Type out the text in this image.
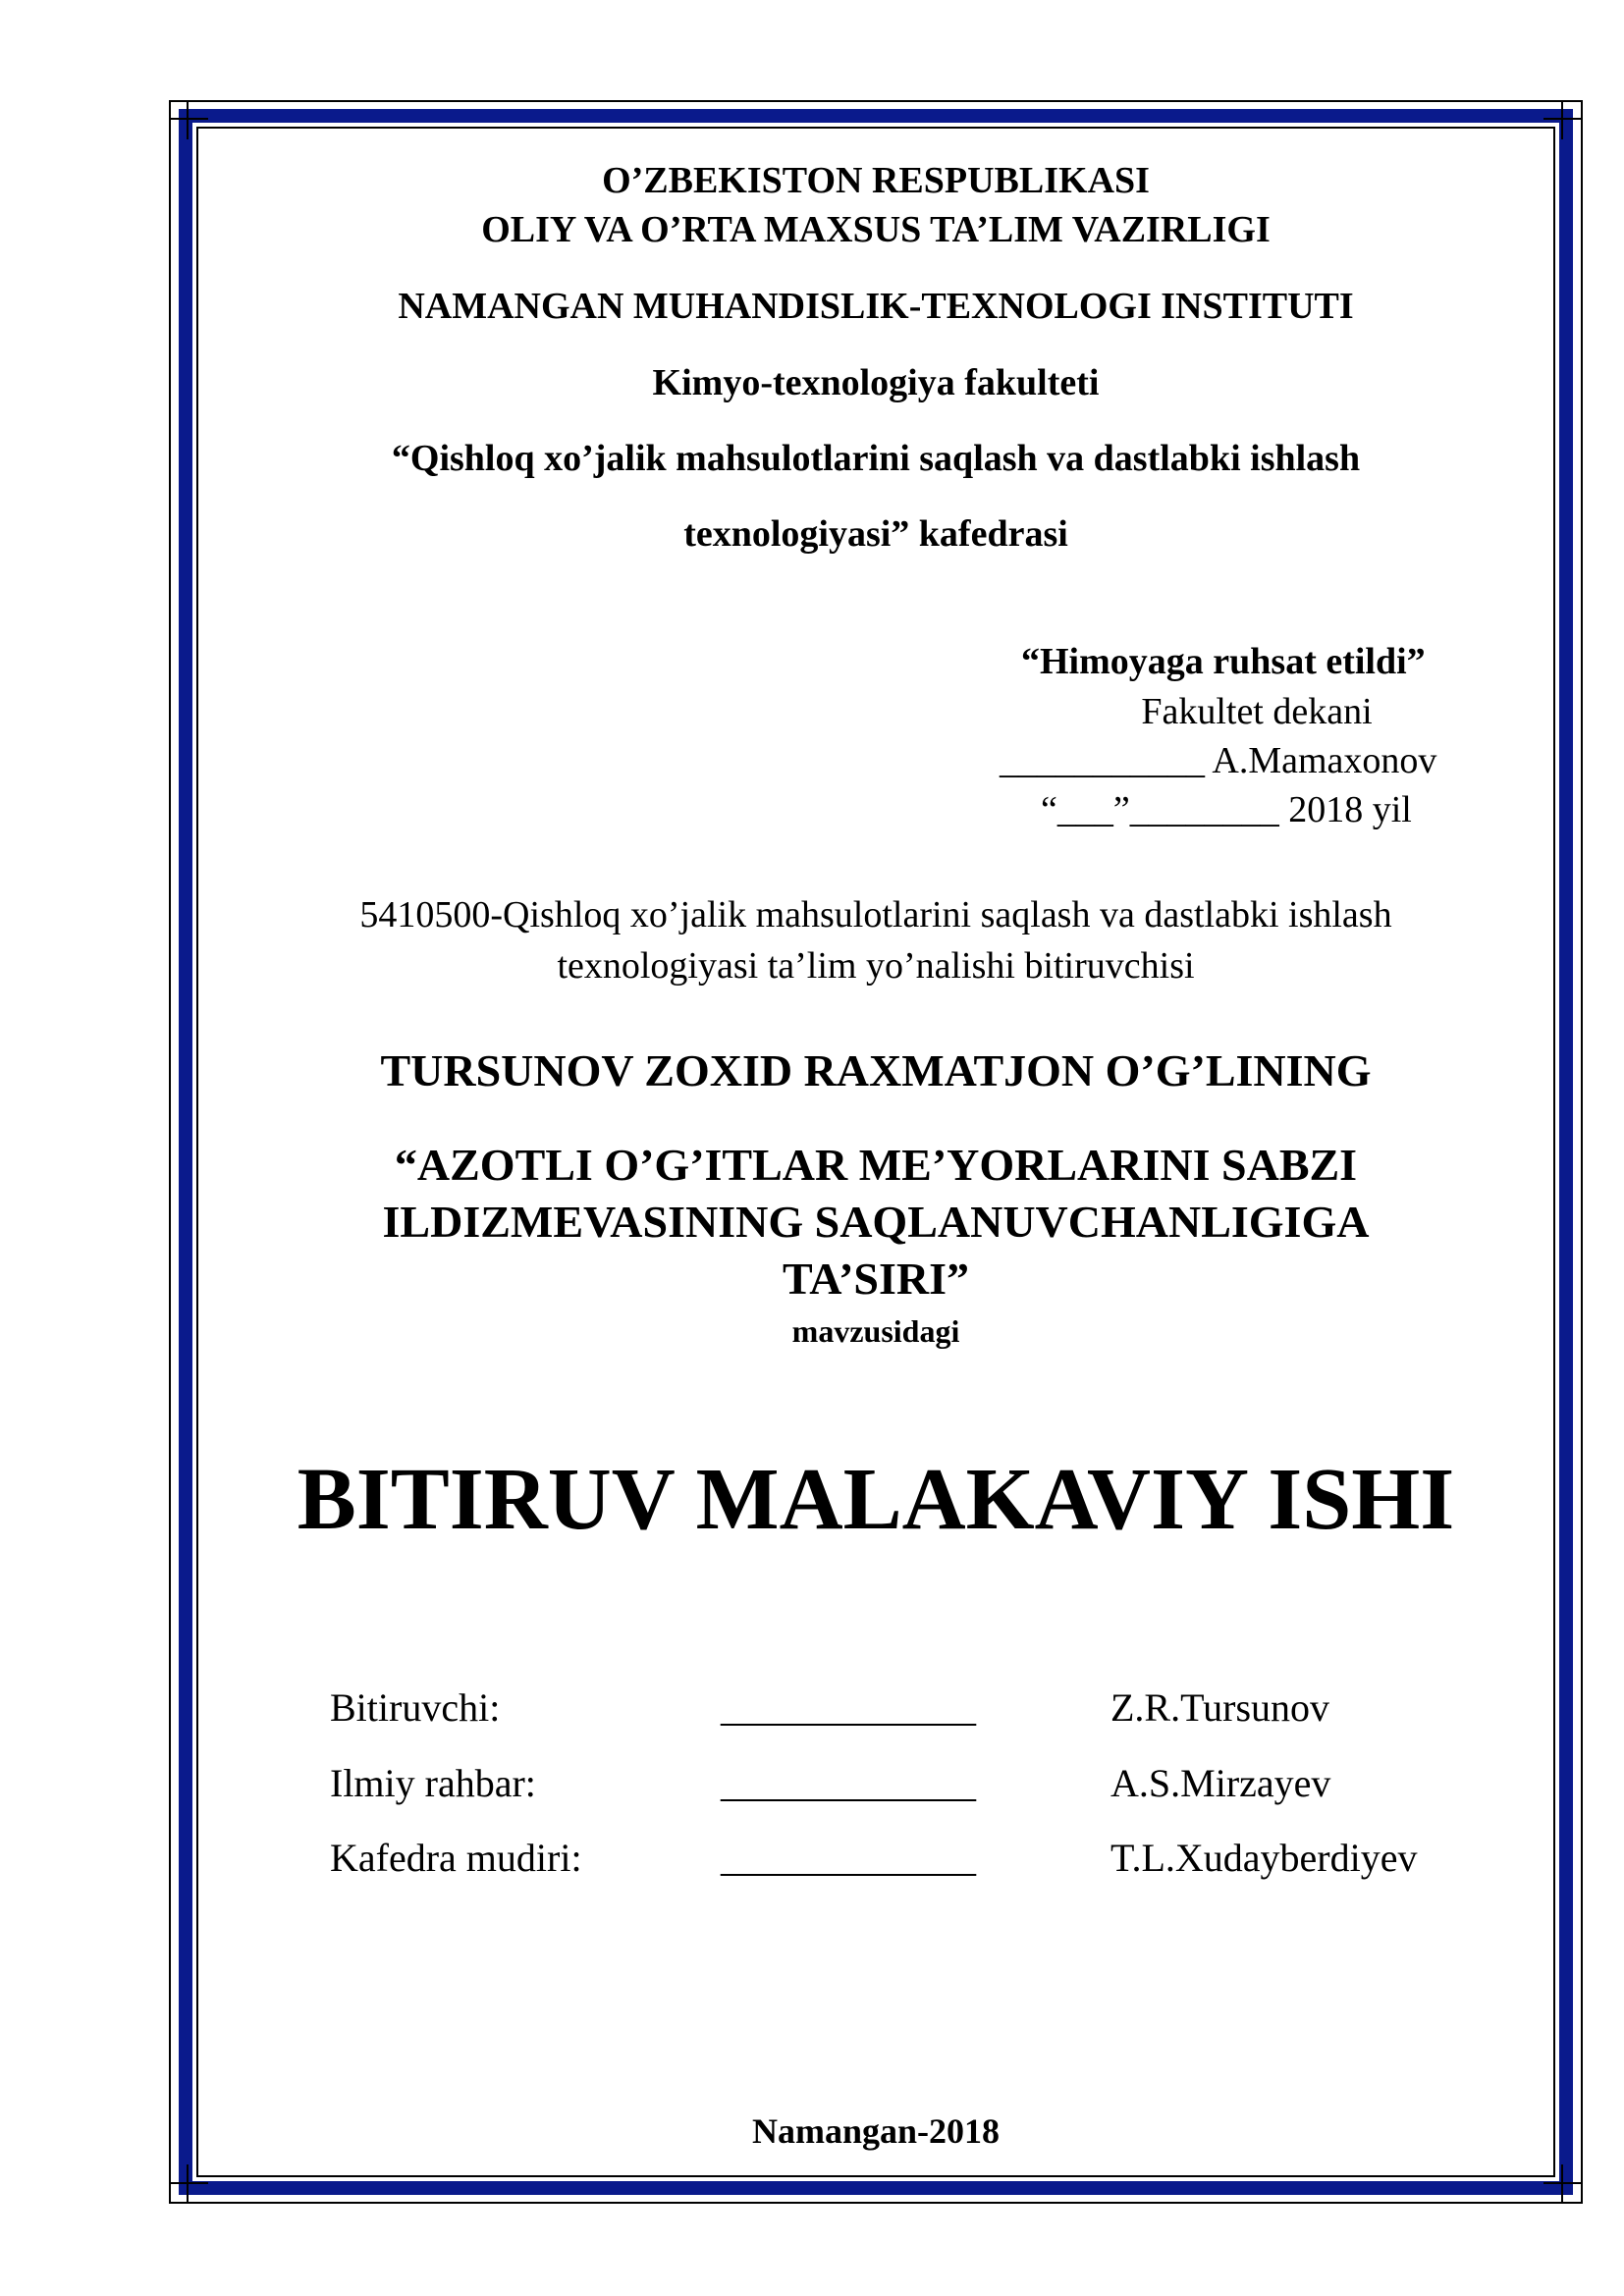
O’ZBEKISTON RESPUBLIKASI
OLIY VA O’RTA MAXSUS TA’LIM VAZIRLIGI
NAMANGAN MUHANDISLIK-TEXNOLOGI INSTITUTI
Kimyo-texnologiya fakulteti
“Qishloq xo’jalik mahsulotlarini saqlash va dastlabki ishlash
texnologiyasi” kafedrasi
“Himoyaga ruhsat etildi”
Fakultet dekani
___________ A.Mamaxonov
“___”________ 2018 yil
5410500-Qishloq xo’jalik mahsulotlarini saqlash va dastlabki ishlash
texnologiyasi ta’lim yo’nalishi bitiruvchisi
TURSUNOV ZOXID RAXMATJON O’G’LINING
“AZOTLI O’G’ITLAR ME’YORLARINI SABZI
ILDIZMEVASINING SAQLANUVCHANLIGIGA
TA’SIRI”
mavzusidagi
BITIRUV MALAKAVIY ISHI
Bitiruvchi:	_____________	Z.R.Tursunov
Ilmiy rahbar:	_____________	A.S.Mirzayev
Kafedra mudiri:	_____________	T.L.Xudayberdiyev
Namangan-2018
